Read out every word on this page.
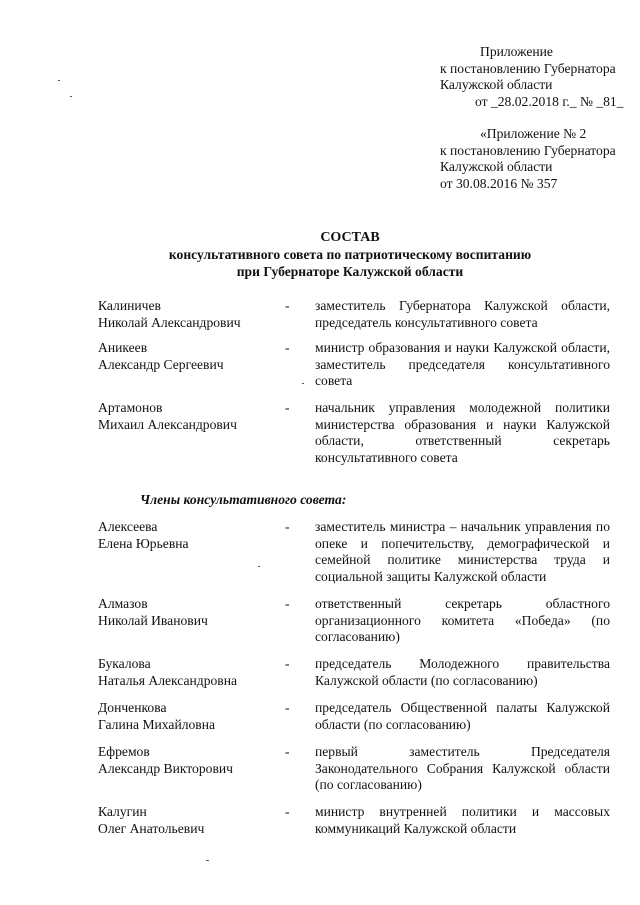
Приложение
к постановлению Губернатора
Калужской области
от _28.02.2018 г._ № _81_
«Приложение № 2
к постановлению Губернатора
Калужской области
от 30.08.2016 № 357
СОСТАВ
консультативного совета по патриотическому воспитанию
при Губернаторе Калужской области
Калиничев
Николай Александрович
- заместитель Губернатора Калужской области, председатель консультативного совета
Аникеев
Александр Сергеевич
- министр образования и науки Калужской области, заместитель председателя консультативного совета
Артамонов
Михаил Александрович
- начальник управления молодежной политики министерства образования и науки Калужской области, ответственный секретарь консультативного совета
Члены консультативного совета:
Алексеева
Елена Юрьевна
- заместитель министра – начальник управления по опеке и попечительству, демографической и семейной политике министерства труда и социальной защиты Калужской области
Алмазов
Николай Иванович
- ответственный секретарь областного организационного комитета «Победа» (по согласованию)
Букалова
Наталья Александровна
- председатель Молодежного правительства Калужской области (по согласованию)
Донченкова
Галина Михайловна
- председатель Общественной палаты Калужской области (по согласованию)
Ефремов
Александр Викторович
- первый заместитель Председателя Законодательного Собрания Калужской области (по согласованию)
Калугин
Олег Анатольевич
- министр внутренней политики и массовых коммуникаций Калужской области
